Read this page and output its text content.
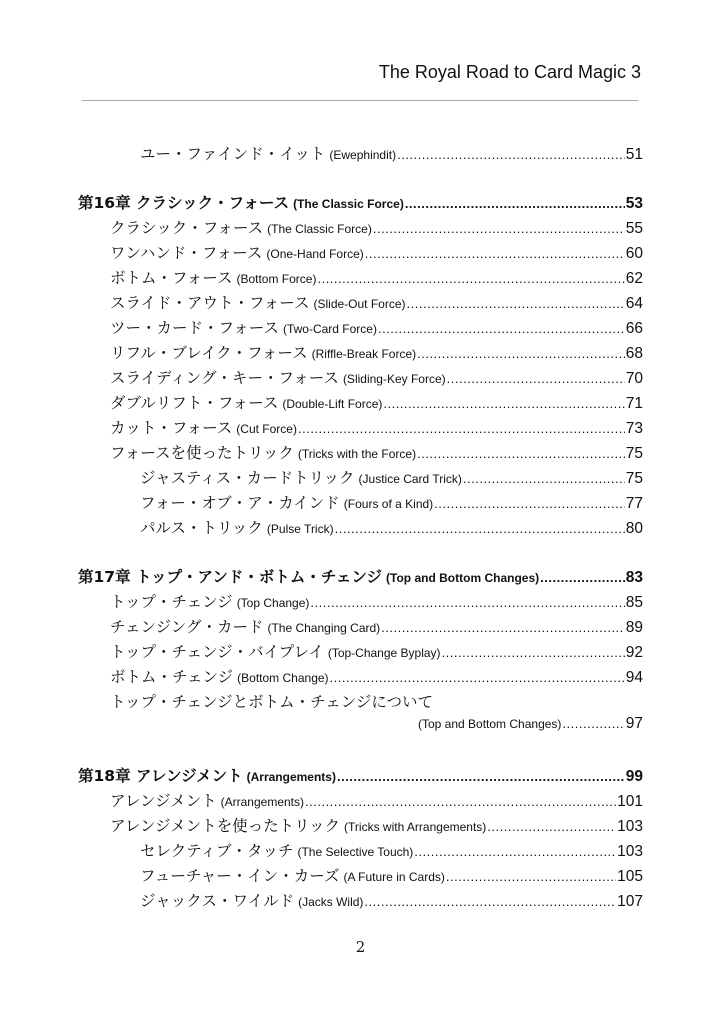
The Royal Road to Card Magic 3
ユー・ファインド・イット (Ewephindit) .....	51
第16章 クラシック・フォース (The Classic Force) .....	53
クラシック・フォース (The Classic Force) .....	55
ワンハンド・フォース (One-Hand Force) .....	60
ボトム・フォース (Bottom Force) .....	62
スライド・アウト・フォース (Slide-Out Force) .....	64
ツー・カード・フォース (Two-Card Force) .....	66
リフル・ブレイク・フォース (Riffle-Break Force) .....	68
スライディング・キー・フォース (Sliding-Key Force) .....	70
ダブルリフト・フォース (Double-Lift Force) .....	71
カット・フォース (Cut Force) .....	73
フォースを使ったトリック (Tricks with the Force) .....	75
ジャスティス・カードトリック (Justice Card Trick) .....	75
フォー・オブ・ア・カインド (Fours of a Kind) .....	77
パルス・トリック (Pulse Trick) .....	80
第17章 トップ・アンド・ボトム・チェンジ (Top and Bottom Changes) .....	83
トップ・チェンジ (Top Change) .....	85
チェンジング・カード (The Changing Card) .....	89
トップ・チェンジ・バイプレイ (Top-Change Byplay) .....	92
ボトム・チェンジ (Bottom Change) .....	94
トップ・チェンジとボトム・チェンジについて
(Top and Bottom Changes) .....	97
第18章 アレンジメント (Arrangements) .....	99
アレンジメント (Arrangements) .....	101
アレンジメントを使ったトリック (Tricks with Arrangements) .....	103
セレクティブ・タッチ (The Selective Touch) .....	103
フューチャー・イン・カーズ (A Future in Cards) .....	105
ジャックス・ワイルド (Jacks Wild) .....	107
2
